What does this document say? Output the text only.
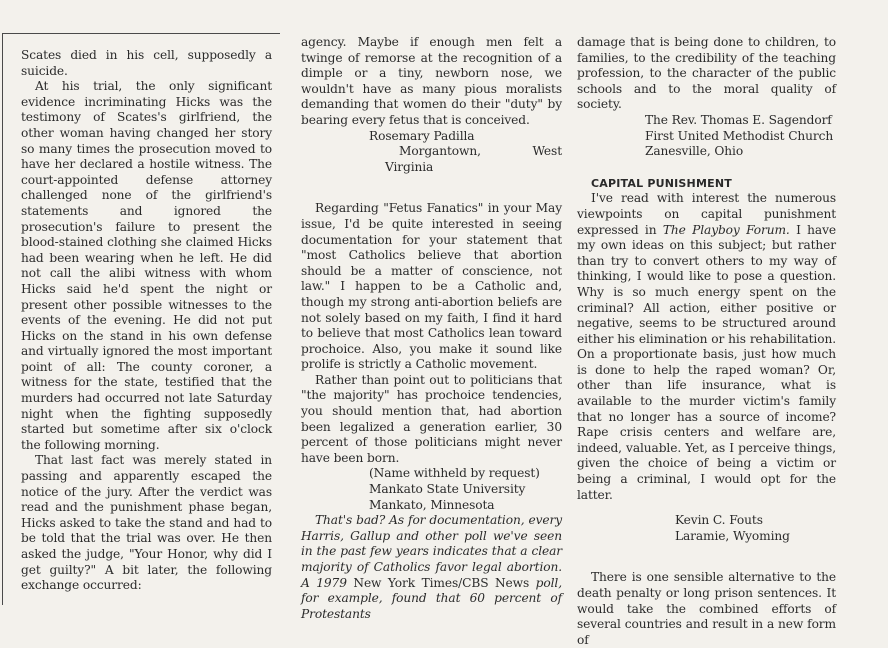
Scates died in his cell, supposedly a suicide.

At his trial, the only significant evidence incriminating Hicks was the testimony of Scates's girlfriend, the other woman having changed her story so many times the prosecution moved to have her declared a hostile witness. The court-appointed defense attorney challenged none of the girlfriend's statements and ignored the prosecution's failure to present the blood-stained clothing she claimed Hicks had been wearing when he left. He did not call the alibi witness with whom Hicks said he'd spent the night or present other possible witnesses to the events of the evening. He did not put Hicks on the stand in his own defense and virtually ignored the most important point of all: The county coroner, a witness for the state, testified that the murders had occurred not late Saturday night when the fighting supposedly started but sometime after six o'clock the following morning.

That last fact was merely stated in passing and apparently escaped the notice of the jury. After the verdict was read and the punishment phase began, Hicks asked to take the stand and had to be told that the trial was over. He then asked the judge, "Your Honor, why did I get guilty?" A bit later, the following exchange occurred:

agency. Maybe if enough men felt a twinge of remorse at the recognition of a dimple or a tiny, newborn nose, we wouldn't have as many pious moralists demanding that women do their "duty" by bearing every fetus that is conceived.

Rosemary Padilla

Morgantown, West Virginia

Regarding "Fetus Fanatics" in your May issue, I'd be quite interested in seeing documentation for your statement that "most Catholics believe that abortion should be a matter of conscience, not law." I happen to be a Catholic and, though my strong anti-abortion beliefs are not solely based on my faith, I find it hard to believe that most Catholics lean toward prochoice. Also, you make it sound like prolife is strictly a Catholic movement.

Rather than point out to politicians that "the majority" has prochoice tendencies, you should mention that, had abortion been legalized a generation earlier, 30 percent of those politicians might never have been born.

(Name withheld by request)

Mankato State University

Mankato, Minnesota

That's bad? As for documentation, every Harris, Gallup and other poll we've seen in the past few years indicates that a clear majority of Catholics favor legal abortion. A 1979 New York Times/CBS News poll, for example, found that 60 percent of Protestants

damage that is being done to children, to families, to the credibility of the teaching profession, to the character of the public schools and to the moral quality of society.

The Rev. Thomas E. Sagendorf

First United Methodist Church

Zanesville, Ohio

CAPITAL PUNISHMENT

I've read with interest the numerous viewpoints on capital punishment expressed in The Playboy Forum. I have my own ideas on this subject; but rather than try to convert others to my way of thinking, I would like to pose a question. Why is so much energy spent on the criminal? All action, either positive or negative, seems to be structured around either his elimination or his rehabilitation. On a proportionate basis, just how much is done to help the raped woman? Or, other than life insurance, what is available to the murder victim's family that no longer has a source of income? Rape crisis centers and welfare are, indeed, valuable. Yet, as I perceive things, given the choice of being a victim or being a criminal, I would opt for the latter.

Kevin C. Fouts

Laramie, Wyoming

There is one sensible alternative to the death penalty or long prison sentences. It would take the combined efforts of several countries and result in a new form of
